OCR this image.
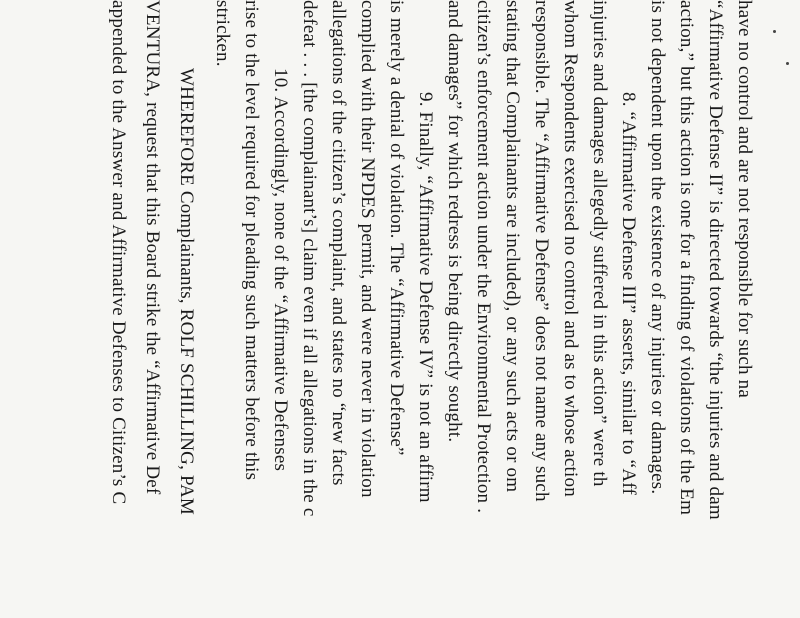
have no control and are not responsible for such na
“Affirmative Defense II” is directed towards “the injuries and dam
action,” but this action is one for a finding of violations of the Em
is not dependent upon the existence of any injuries or damages.
8. “Affirmative Defense III” asserts, similar to “Aff
injuries and damages allegedly suffered in this action” were th
whom Respondents exercised no control and as to whose action
responsible. The “Affirmative Defense” does not name any such
stating that Complainants are included), or any such acts or om
citizen’s enforcement action under the Environmental Protection .
and damages” for which redress is being directly sought.
9. Finally, “Affirmative Defense IV” is not an affirm
is merely a denial of violation. The “Affirmative Defense”
complied with their NPDES permit, and were never in violation
allegations of the citizen’s complaint, and states no “new facts
defeat . . . [the complainant’s] claim even if all allegations in the c
10. Accordingly, none of the “Affirmative Defenses
rise to the level required for pleading such matters before this
stricken.
WHEREFORE Complainants, ROLF SCHILLING, PAM
VENTURA, request that this Board strike the “Affirmative Def
appended to the Answer and Affirmative Defenses to Citizen’s C
